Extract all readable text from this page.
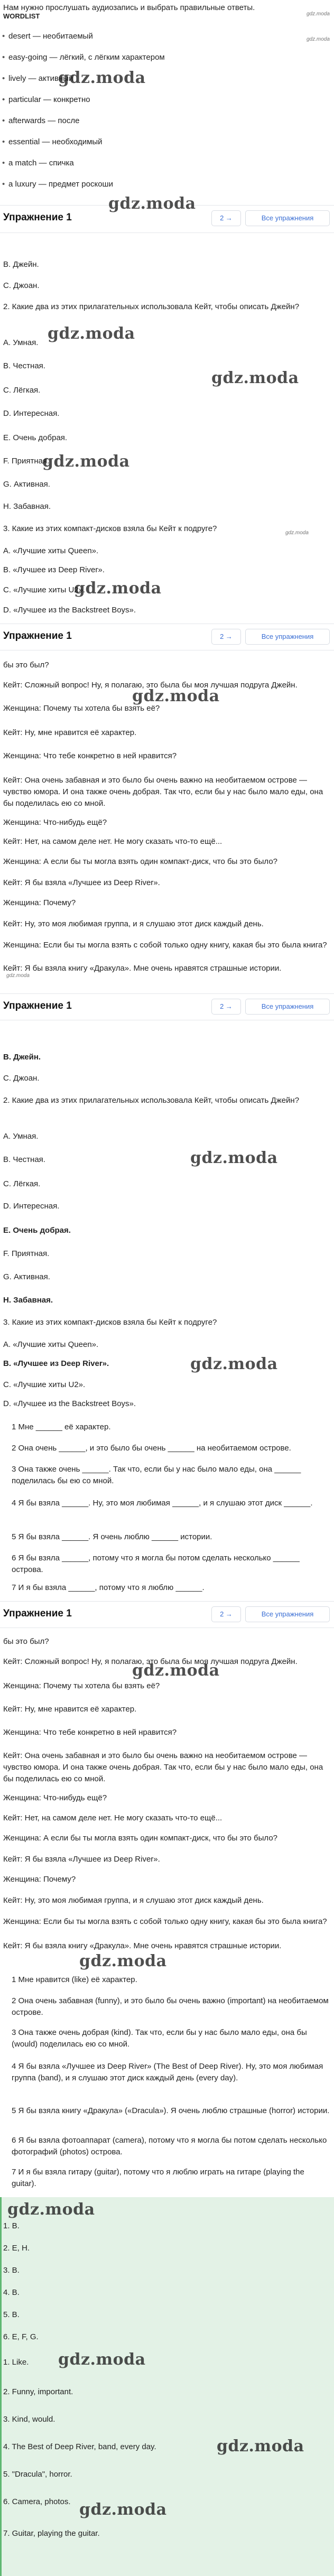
Нам нужно прослушать аудиозапись и выбрать правильные ответы.
WORDLIST	gdz.moda
• desert — необитаемый	gdz.moda
• easy-going — лёгкий, с лёгким характером
• lively — активный
gdz.moda
• particular — конкретно
• afterwards — после
• essential — необходимый
• a match — спичка
• a luxury — предмет роскоши
gdz.moda
Упражнение 1	2 →	Все упражнения
B. Джейн.
C. Джоан.
2. Какие два из этих прилагательных использовала Кейт, чтобы описать Джейн?
gdz.moda
A. Умная.
B. Честная.
gdz.moda
C. Лёгкая.
D. Интересная.
E. Очень добрая.
F. Приятная.
gdz.moda
G. Активная.
H. Забавная.
3. Какие из этих компакт-дисков взяла бы Кейт к подруге?	gdz.moda
A. «Лучшие хиты Queen».
B. «Лучшее из Deep River».
C. «Лучшие хиты U2».
gdz.moda
D. «Лучшее из the Backstreet Boys».
Упражнение 1	2 →	Все упражнения
бы это был?
Кейт: Сложный вопрос! Ну, я полагаю, это была бы моя лучшая подруга Джейн.
gdz.moda
Женщина: Почему ты хотела бы взять её?
Кейт: Ну, мне нравится её характер.
Женщина: Что тебе конкретно в ней нравится?
Кейт: Она очень забавная и это было бы очень важно на необитаемом острове — чувство юмора. И она также очень добрая. Так что, если бы у нас было мало еды, она бы поделилась ею со мной.
Женщина: Что-нибудь ещё?
Кейт: Нет, на самом деле нет. Не могу сказать что-то ещё...
Женщина: А если бы ты могла взять один компакт-диск, что бы это было?
Кейт: Я бы взяла «Лучшее из Deep River».
Женщина: Почему?
Кейт: Ну, это моя любимая группа, и я слушаю этот диск каждый день.
Женщина: Если бы ты могла взять с собой только одну книгу, какая бы это была книга?
gdz.moda
Кейт: Я бы взяла книгу «Дракула». Мне очень нравятся страшные истории.
Упражнение 1	2 →	Все упражнения
B. Джейн.
C. Джоан.
2. Какие два из этих прилагательных использовала Кейт, чтобы описать Джейн?
A. Умная.
B. Честная.	gdz.moda
C. Лёгкая.
D. Интересная.
E. Очень добрая.
F. Приятная.
G. Активная.
H. Забавная.
3. Какие из этих компакт-дисков взяла бы Кейт к подруге?
A. «Лучшие хиты Queen».
B. «Лучшее из Deep River».	gdz.moda
C. «Лучшие хиты U2».
D. «Лучшее из the Backstreet Boys».
1 Мне ______ её характер.
2 Она очень ______, и это было бы очень ______ на необитаемом острове.
3 Она также очень ______. Так что, если бы у нас было мало еды, она ______ поделилась бы ею со мной.
4 Я бы взяла ______. Ну, это моя любимая ______, и я слушаю этот диск ______.
5 Я бы взяла ______. Я очень люблю ______ истории.
6 Я бы взяла ______, потому что я могла бы потом сделать несколько ______ острова.
7 И я бы взяла ______, потому что я люблю ______.
Упражнение 1	2 →	Все упражнения
бы это был?
Кейт: Сложный вопрос! Ну, я полагаю, это была бы моя лучшая подруга Джейн.
gdz.moda
Женщина: Почему ты хотела бы взять её?
Кейт: Ну, мне нравится её характер.
Женщина: Что тебе конкретно в ней нравится?
Кейт: Она очень забавная и это было бы очень важно на необитаемом острове — чувство юмора. И она также очень добрая. Так что, если бы у нас было мало еды, она бы поделилась ею со мной.
Женщина: Что-нибудь ещё?
Кейт: Нет, на самом деле нет. Не могу сказать что-то ещё...
Женщина: А если бы ты могла взять один компакт-диск, что бы это было?
Кейт: Я бы взяла «Лучшее из Deep River».
Женщина: Почему?
Кейт: Ну, это моя любимая группа, и я слушаю этот диск каждый день.
Женщина: Если бы ты могла взять с собой только одну книгу, какая бы это была книга?
gdz.moda
Кейт: Я бы взяла книгу «Дракула». Мне очень нравятся страшные истории.
1 Мне нравится (like) её характер.
2 Она очень забавная (funny), и это было бы очень важно (important) на необитаемом острове.
3 Она также очень добрая (kind). Так что, если бы у нас было мало еды, она бы (would) поделилась ею со мной.
4 Я бы взяла «Лучшее из Deep River» (The Best of Deep River). Ну, это моя любимая группа (band), и я слушаю этот диск каждый день (every day).
5 Я бы взяла книгу «Дракула» («Dracula»). Я очень люблю страшные (horror) истории.
6 Я бы взяла фотоаппарат (camera), потому что я могла бы потом сделать несколько фотографий (photos) острова.
7 И я бы взяла гитару (guitar), потому что я люблю играть на гитаре (playing the guitar).
gdz.moda
1. B.
2. E, H.
3. B.
4. B.
5. B.
6. E, F, G.
1. Like.	gdz.moda
2. Funny, important.
3. Kind, would.
4. The Best of Deep River, band, every day.	gdz.moda
5. "Dracula", horror.
6. Camera, photos. gdz.moda
7. Guitar, playing the guitar.
